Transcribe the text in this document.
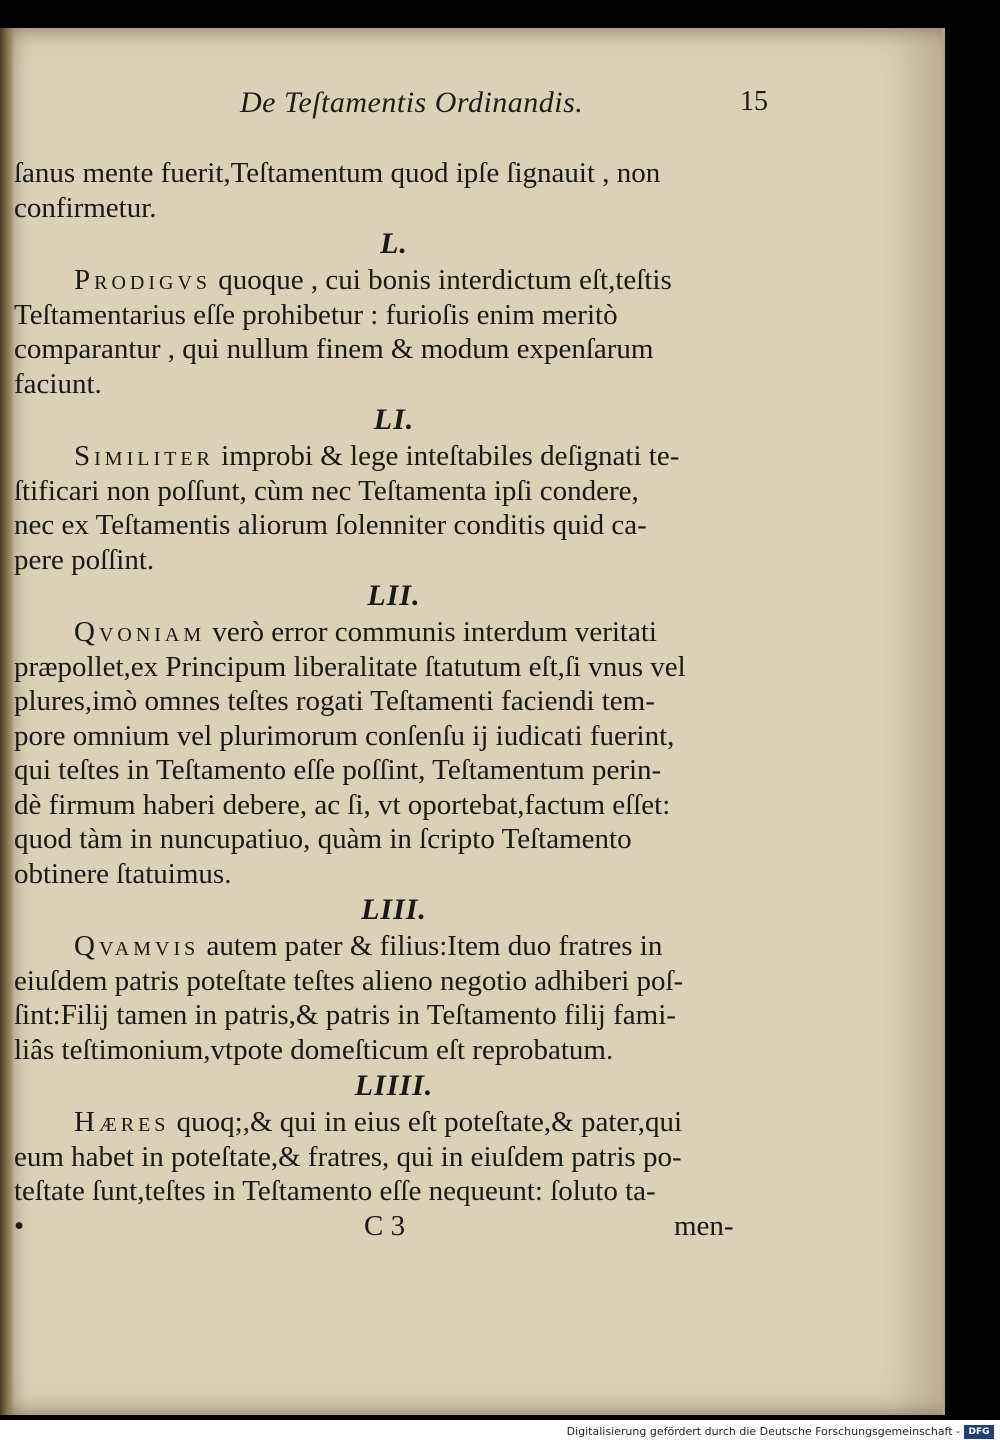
De Teſtamentis Ordinandis.	15
ſanus mente fuerit,Teſtamentum quod ipſe ſignauit , non
confirmetur.
L.
Prodigvs quoque , cui bonis interdictum eſt,teſtis
Teſtamentarius eſſe prohibetur : furioſis enim meritò
comparantur , qui nullum finem & modum expenſarum
faciunt.
LI.
Similiter improbi & lege inteſtabiles deſignati te-
ſtificari non poſſunt, cùm nec Teſtamenta ipſi condere,
nec ex Teſtamentis aliorum ſolenniter conditis quid ca-
pere poſſint.
LII.
Qvoniam verò error communis interdum veritati
præpollet,ex Principum liberalitate ſtatutum eſt,ſi vnus vel
plures,imò omnes teſtes rogati Teſtamenti faciendi tem-
pore omnium vel plurimorum conſenſu ij iudicati fuerint,
qui teſtes in Teſtamento eſſe poſſint, Teſtamentum perin-
dè firmum haberi debere, ac ſi, vt oportebat,factum eſſet:
quod tàm in nuncupatiuo, quàm in ſcripto Teſtamento
obtinere ſtatuimus.
LIII.
Qvamvis autem pater & filius:Item duo fratres in
eiuſdem patris poteſtate teſtes alieno negotio adhiberi poſ-
ſint:Filij tamen in patris,& patris in Teſtamento filij fami-
liâs teſtimonium,vtpote domeſticum eſt reprobatum.
LIIII.
Hæres quoq;,& qui in eius eſt poteſtate,& pater,qui
eum habet in poteſtate,& fratres, qui in eiuſdem patris po-
teſtate ſunt,teſtes in Teſtamento eſſe nequeunt: ſoluto ta-
•	C 3	men-
Digitalisierung gefördert durch die Deutsche Forschungsgemeinschaft - DFG
